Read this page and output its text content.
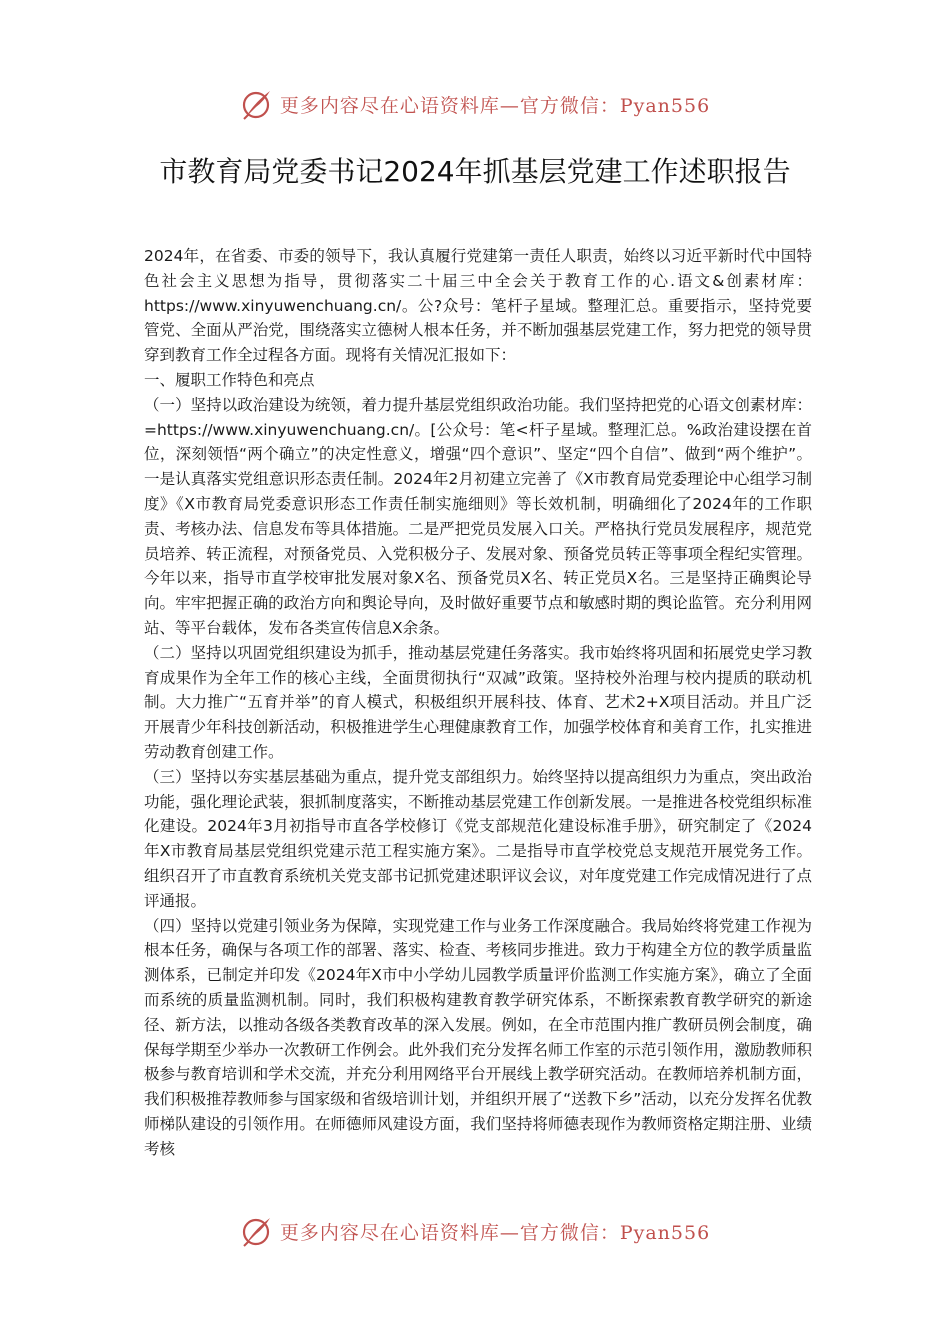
更多内容尽在心语资料库—官方微信：Pyan556
市教育局党委书记2024年抓基层党建工作述职报告

2024年，在省委、市委的领导下，我认真履行党建第一责任人职责，始终以习近平新时代中国特色社会主义思想为指导，贯彻落实二十届三中全会关于教育工作的心.语文&创素材库：https://www.xinyuwenchuang.cn/。公?众号：笔杆子星域。整理汇总。重要指示，坚持党要管党、全面从严治党，围绕落实立德树人根本任务，并不断加强基层党建工作，努力把党的领导贯穿到教育工作全过程各方面。现将有关情况汇报如下：

一、履职工作特色和亮点

（一）坚持以政治建设为统领，着力提升基层党组织政治功能。我们坚持把党的心语文创素材库：=https://www.xinyuwenchuang.cn/。[公众号：笔<杆子星域。整理汇总。%政治建设摆在首位，深刻领悟“两个确立”的决定性意义，增强“四个意识”、坚定“四个自信”、做到“两个维护”。一是认真落实党组意识形态责任制。2024年2月初建立完善了《X市教育局党委理论中心组学习制度》《X市教育局党委意识形态工作责任制实施细则》等长效机制，明确细化了2024年的工作职责、考核办法、信息发布等具体措施。二是严把党员发展入口关。严格执行党员发展程序，规范党员培养、转正流程，对预备党员、入党积极分子、发展对象、预备党员转正等事项全程纪实管理。今年以来，指导市直学校审批发展对象X名、预备党员X名、转正党员X名。三是坚持正确舆论导向。牢牢把握正确的政治方向和舆论导向，及时做好重要节点和敏感时期的舆论监管。充分利用网站、等平台载体，发布各类宣传信息X余条。

（二）坚持以巩固党组织建设为抓手，推动基层党建任务落实。我市始终将巩固和拓展党史学习教育成果作为全年工作的核心主线，全面贯彻执行“双减”政策。坚持校外治理与校内提质的联动机制。大力推广“五育并举”的育人模式，积极组织开展科技、体育、艺术2+X项目活动。并且广泛开展青少年科技创新活动，积极推进学生心理健康教育工作，加强学校体育和美育工作，扎实推进劳动教育创建工作。

（三）坚持以夯实基层基础为重点，提升党支部组织力。始终坚持以提高组织力为重点，突出政治功能，强化理论武装，狠抓制度落实，不断推动基层党建工作创新发展。一是推进各校党组织标准化建设。2024年3月初指导市直各学校修订《党支部规范化建设标准手册》，研究制定了《2024年X市教育局基层党组织党建示范工程实施方案》。二是指导市直学校党总支规范开展党务工作。组织召开了市直教育系统机关党支部书记抓党建述职评议会议，对年度党建工作完成情况进行了点评通报。

（四）坚持以党建引领业务为保障，实现党建工作与业务工作深度融合。我局始终将党建工作视为根本任务，确保与各项工作的部署、落实、检查、考核同步推进。致力于构建全方位的教学质量监测体系，已制定并印发《2024年X市中小学幼儿园教学质量评价监测工作实施方案》，确立了全面而系统的质量监测机制。同时，我们积极构建教育教学研究体系，不断探索教育教学研究的新途径、新方法，以推动各级各类教育改革的深入发展。例如，在全市范围内推广教研员例会制度，确保每学期至少举办一次教研工作例会。此外我们充分发挥名师工作室的示范引领作用，激励教师积极参与教育培训和学术交流，并充分利用网络平台开展线上教学研究活动。在教师培养机制方面，我们积极推荐教师参与国家级和省级培训计划，并组织开展了“送教下乡”活动，以充分发挥名优教师梯队建设的引领作用。在师德师风建设方面，我们坚持将师德表现作为教师资格定期注册、业绩考核

更多内容尽在心语资料库—官方微信：Pyan556
